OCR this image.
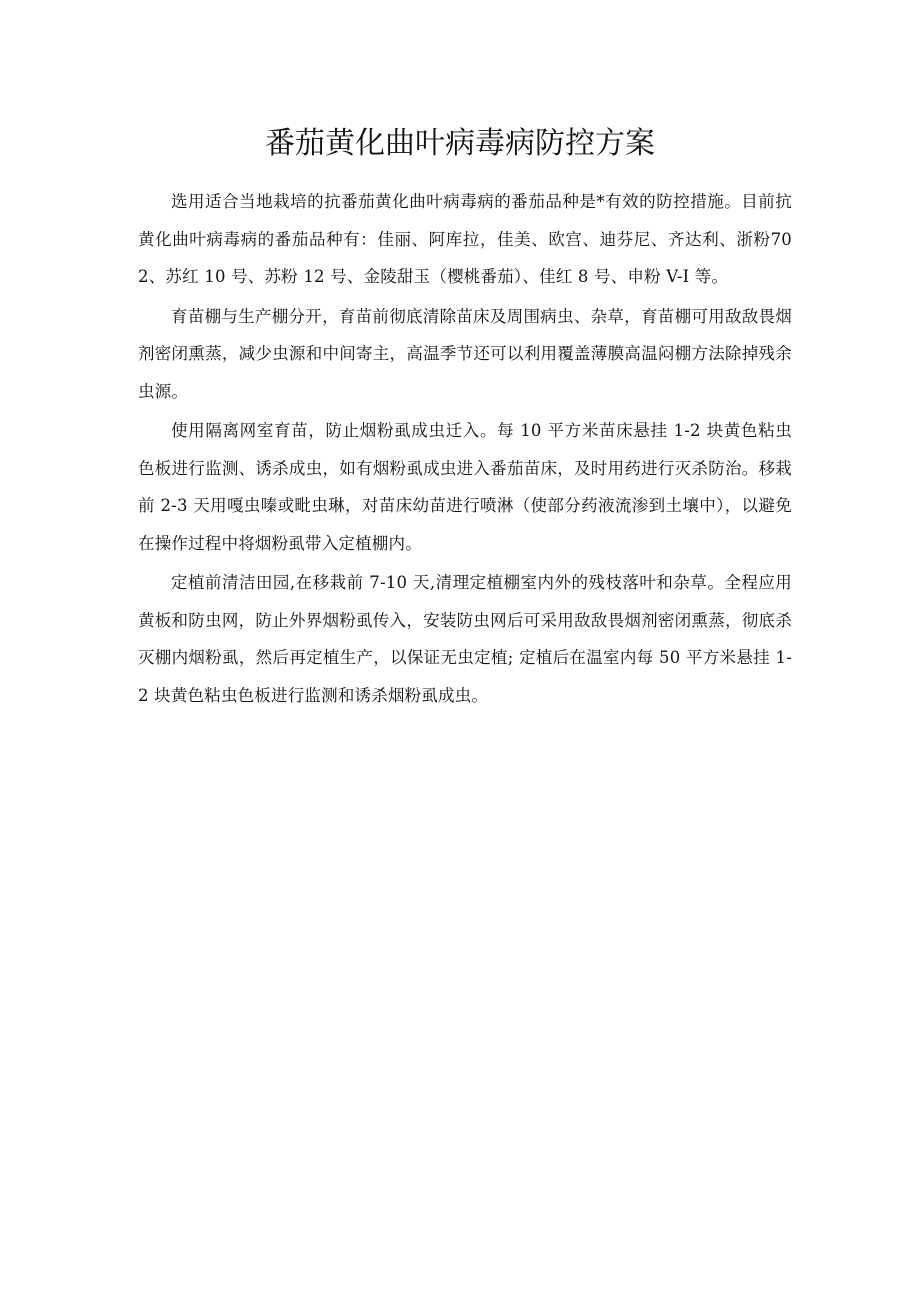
番茄黄化曲叶病毒病防控方案

选用适合当地栽培的抗番茄黄化曲叶病毒病的番茄品种是*有效的防控措施。目前抗黄化曲叶病毒病的番茄品种有：佳丽、阿库拉，佳美、欧宫、迪芬尼、齐达利、浙粉702、苏红 10 号、苏粉 12 号、金陵甜玉（樱桃番茄）、佳红 8 号、申粉 V-I 等。

育苗棚与生产棚分开，育苗前彻底清除苗床及周围病虫、杂草，育苗棚可用敌敌畏烟剂密闭熏蒸，减少虫源和中间寄主，高温季节还可以利用覆盖薄膜高温闷棚方法除掉残余虫源。

使用隔离网室育苗，防止烟粉虱成虫迁入。每 10 平方米苗床悬挂 1-2 块黄色粘虫色板进行监测、诱杀成虫，如有烟粉虱成虫进入番茄苗床，及时用药进行灭杀防治。移栽前 2-3 天用嘎虫嗪或毗虫琳，对苗床幼苗进行喷淋（使部分药液流渗到土壤中），以避免在操作过程中将烟粉虱带入定植棚内。

定植前清洁田园,在移栽前 7-10 天,清理定植棚室内外的残枝落叶和杂草。全程应用黄板和防虫网，防止外界烟粉虱传入，安装防虫网后可采用敌敌畏烟剂密闭熏蒸，彻底杀灭棚内烟粉虱，然后再定植生产，以保证无虫定植; 定植后在温室内每 50 平方米悬挂 1-2 块黄色粘虫色板进行监测和诱杀烟粉虱成虫。
